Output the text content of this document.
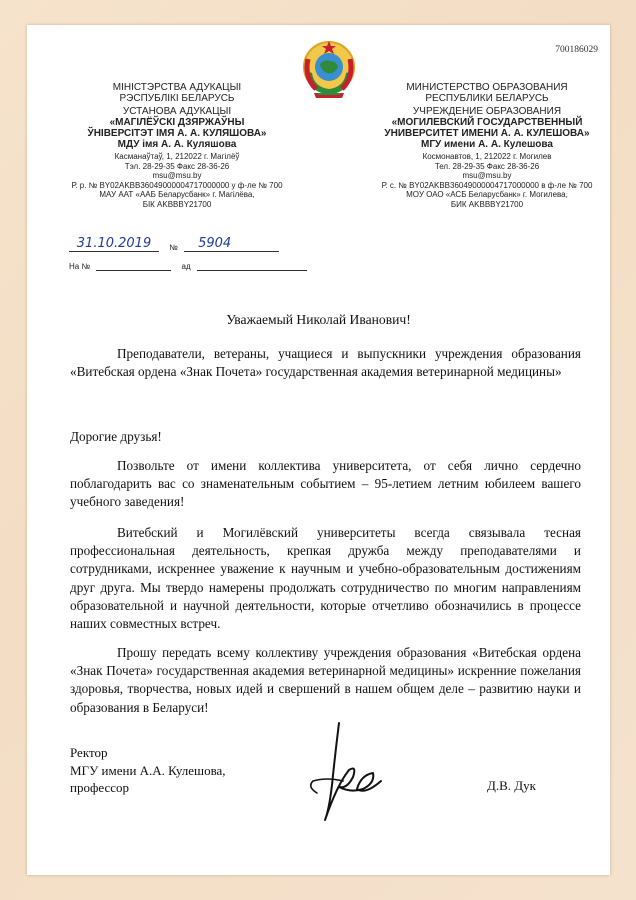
700186029
МІНІСТЭРСТВА АДУКАЦЫІ
РЭСПУБЛІКІ БЕЛАРУСЬ
УСТАНОВА АДУКАЦЫІ
«МАГІЛЁЎСКІ ДЗЯРЖАЎНЫ
ЎНІВЕРСІТЭТ ІМЯ А. А. КУЛЯШОВА»
МДУ імя А. А. Куляшова
Касманаўтаў, 1, 212022 г. Магілёў
Тэл. 28-29-35 Факс 28-36-26
msu@msu.by
Р. р. № BY02AKBB36049000004717000000 у ф-ле № 700
МАУ ААТ «ААБ Беларусбанк» г. Магілёва,
БІК AKBBBY21700
МИНИСТЕРСТВО ОБРАЗОВАНИЯ
РЕСПУБЛИКИ БЕЛАРУСЬ
УЧРЕЖДЕНИЕ ОБРАЗОВАНИЯ
«МОГИЛЕВСКИЙ ГОСУДАРСТВЕННЫЙ
УНИВЕРСИТЕТ ИМЕНИ А. А. КУЛЕШОВА»
МГУ имени А. А. Кулешова
Космонавтов, 1, 212022 г. Могилев
Тел. 28-29-35 Факс 28-36-26
msu@msu.by
Р. с. № BY02AKBB36049000004717000000 в ф-ле № 700
МОУ ОАО «АСБ Беларусбанк» г. Могилева,
БИК AKBBBY21700
31.10.2019 № 5904
На №	ад
Уважаемый Николай Иванович!
Преподаватели, ветераны, учащиеся и выпускники учреждения образования «Витебская ордена «Знак Почета» государственная академия ветеринарной медицины»
Дорогие друзья!
Позвольте от имени коллектива университета, от себя лично сердечно поблагодарить вас со знаменательным событием – 95-летием летним юбилеем вашего учебного заведения!
Витебский и Могилёвский университеты всегда связывала тесная профессиональная деятельность, крепкая дружба между преподавателями и сотрудниками, искреннее уважение к научным и учебно-образовательным достижениям друг друга. Мы твердо намерены продолжать сотрудничество по многим направлениям образовательной и научной деятельности, которые отчетливо обозначились в процессе наших совместных встреч.
Прошу передать всему коллективу учреждения образования «Витебская ордена «Знак Почета» государственная академия ветеринарной медицины» искренние пожелания здоровья, творчества, новых идей и свершений в нашем общем деле – развитию науки и образования в Беларуси!
Ректор
МГУ имени А.А. Кулешова,
профессор	Д.В. Дук
